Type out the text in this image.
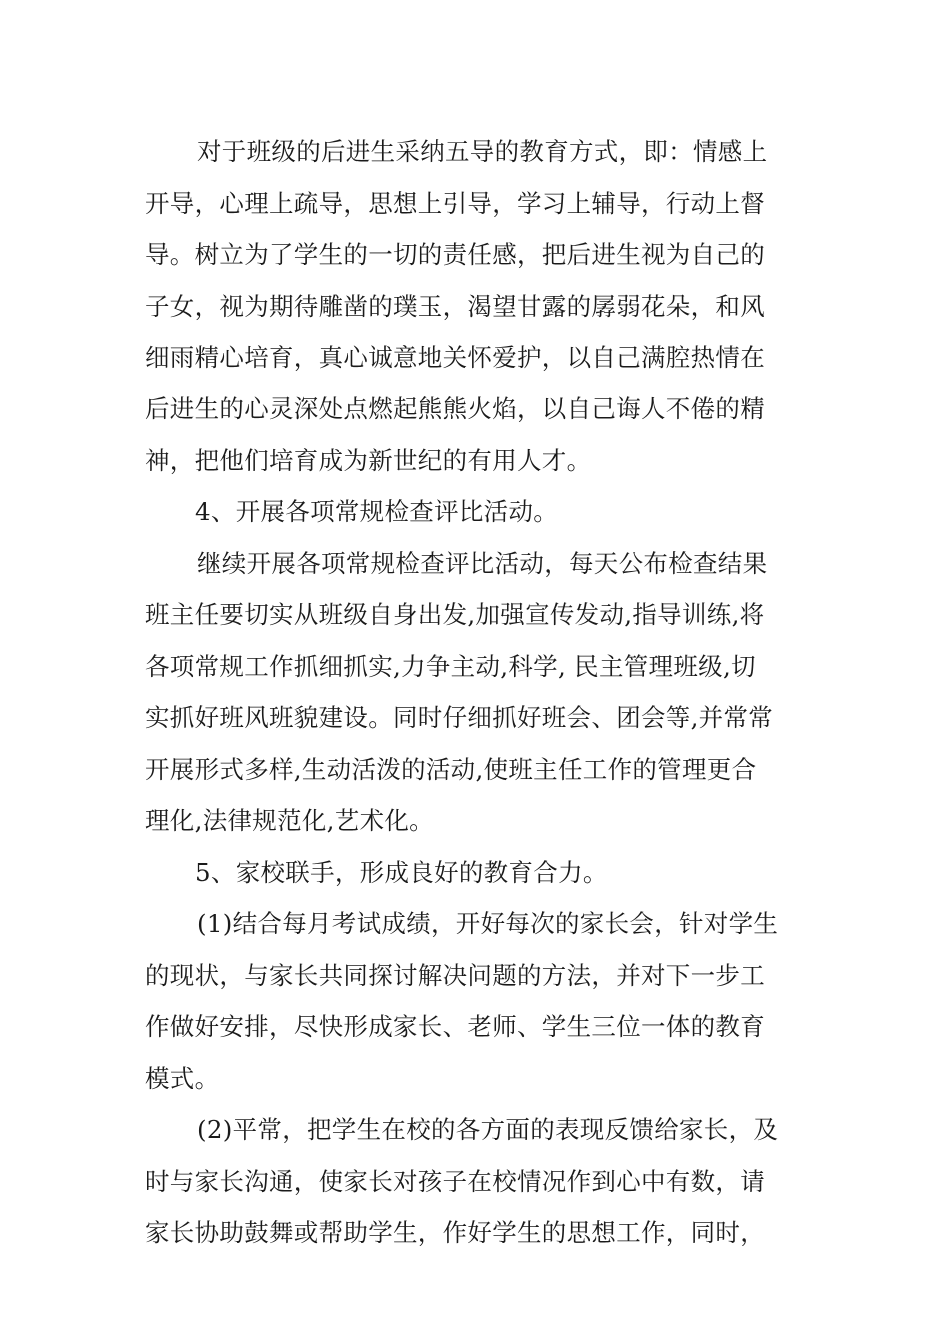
对于班级的后进生采纳五导的教育方式，即：情感上
开导，心理上疏导，思想上引导，学习上辅导，行动上督
导。树立为了学生的一切的责任感，把后进生视为自己的
子女，视为期待雕凿的璞玉，渴望甘露的孱弱花朵，和风
细雨精心培育，真心诚意地关怀爱护，以自己满腔热情在
后进生的心灵深处点燃起熊熊火焰，以自己诲人不倦的精
神，把他们培育成为新世纪的有用人才。
4、开展各项常规检查评比活动。
继续开展各项常规检查评比活动，每天公布检查结果
班主任要切实从班级自身出发,加强宣传发动,指导训练,将
各项常规工作抓细抓实,力争主动,科学, 民主管理班级,切
实抓好班风班貌建设。同时仔细抓好班会、团会等,并常常
开展形式多样,生动活泼的活动,使班主任工作的管理更合
理化,法律规范化,艺术化。
5、家校联手，形成良好的教育合力。
(1)结合每月考试成绩，开好每次的家长会，针对学生
的现状，与家长共同探讨解决问题的方法，并对下一步工
作做好安排，尽快形成家长、老师、学生三位一体的教育
模式。
(2)平常，把学生在校的各方面的表现反馈给家长，及
时与家长沟通，使家长对孩子在校情况作到心中有数，请
家长协助鼓舞或帮助学生，作好学生的思想工作，同时，
